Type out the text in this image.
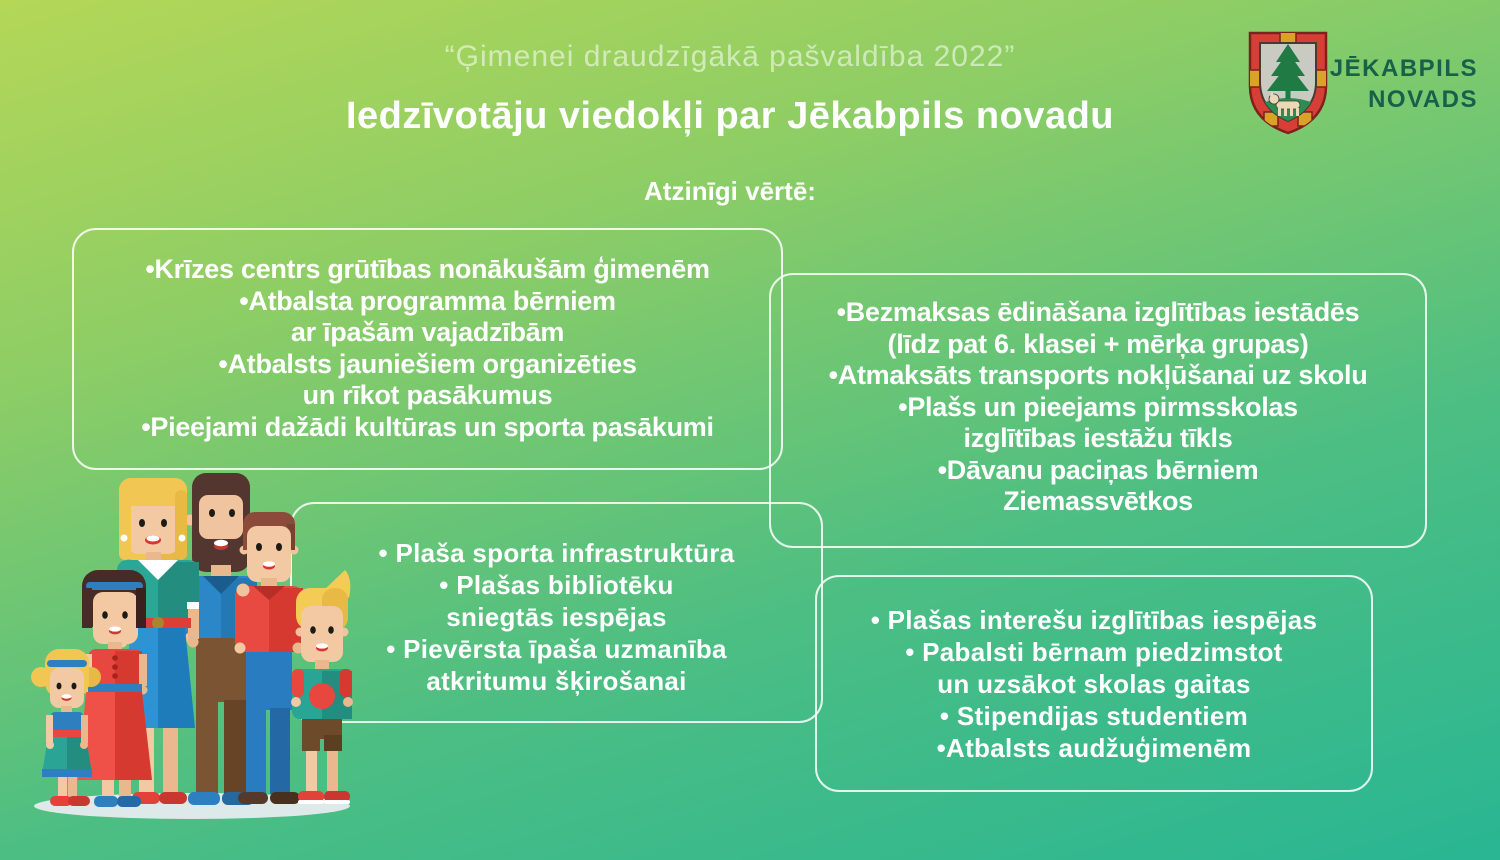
“Ģimenei draudzīgākā pašvaldība 2022”
Iedzīvotāju viedokļi par Jēkabpils novadu
Atzinīgi vērtē:
JĒKABPILS
NOVADS
•Krīzes centrs grūtības nonākušām ģimenēm
•Atbalsta programma bērniem
ar īpašām vajadzībām
•Atbalsts jauniešiem organizēties
un rīkot pasākumus
•Pieejami dažādi kultūras un sporta pasākumi
•Bezmaksas ēdināšana izglītības iestādēs
(līdz pat 6. klasei + mērķa grupas)
•Atmaksāts transports nokļūšanai uz skolu
•Plašs un pieejams pirmsskolas
izglītības iestāžu tīkls
•Dāvanu paciņas bērniem
Ziemassvētkos
• Plaša sporta infrastruktūra
• Plašas bibliotēku
sniegtās iespējas
• Pievērsta īpaša uzmanība
atkritumu šķirošanai
• Plašas interešu izglītības iespējas
• Pabalsti bērnam piedzimstot
un uzsākot skolas gaitas
• Stipendijas studentiem
•Atbalsts audžuģimenēm
